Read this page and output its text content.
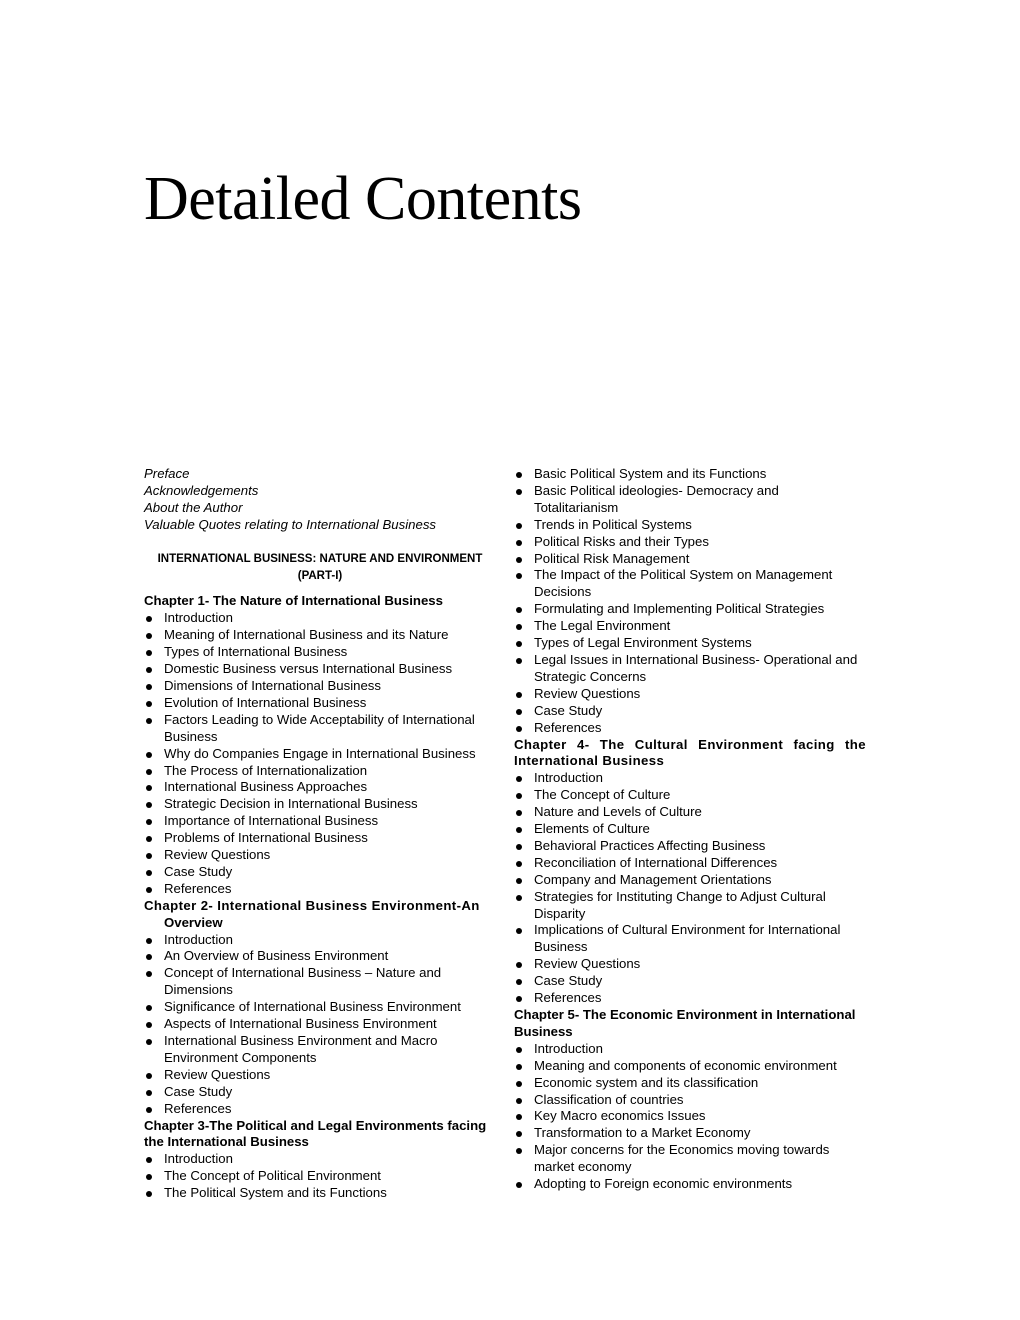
Detailed Contents
Preface
Acknowledgements
About the Author
Valuable Quotes relating to International Business
INTERNATIONAL BUSINESS: NATURE AND ENVIRONMENT
(PART-I)
Chapter 1- The Nature of International Business
Introduction
Meaning of International Business and its Nature
Types of International Business
Domestic Business versus International Business
Dimensions of International Business
Evolution of International Business
Factors Leading to Wide Acceptability of International Business
Why do Companies Engage in International Business
The Process of Internationalization
International Business Approaches
Strategic Decision in International Business
Importance of International Business
Problems of International Business
Review Questions
Case Study
References
Chapter 2- International Business Environment-An
Overview
Introduction
An Overview of Business Environment
Concept of International Business – Nature and Dimensions
Significance of International Business Environment
Aspects of International Business Environment
International Business Environment and Macro Environment Components
Review Questions
Case Study
References
Chapter 3-The Political and Legal Environments facing the International Business
Introduction
The Concept of Political Environment
The Political System and its Functions
Basic Political System and its Functions
Basic Political ideologies- Democracy and Totalitarianism
Trends in Political Systems
Political Risks and their Types
Political Risk Management
The Impact of the Political System on Management Decisions
Formulating and Implementing Political Strategies
The Legal Environment
Types of Legal Environment Systems
Legal Issues in International Business- Operational and Strategic Concerns
Review Questions
Case Study
References
Chapter 4- The Cultural Environment facing the International Business
Introduction
The Concept of Culture
Nature and Levels of Culture
Elements of Culture
Behavioral Practices Affecting Business
Reconciliation of International Differences
Company and Management Orientations
Strategies for Instituting Change to Adjust Cultural Disparity
Implications of Cultural Environment for International Business
Review Questions
Case Study
References
Chapter 5- The Economic Environment in International Business
Introduction
Meaning and components of economic environment
Economic system and its classification
Classification of countries
Key Macro economics Issues
Transformation to a Market Economy
Major concerns for the Economics moving towards market economy
Adopting to Foreign economic environments
